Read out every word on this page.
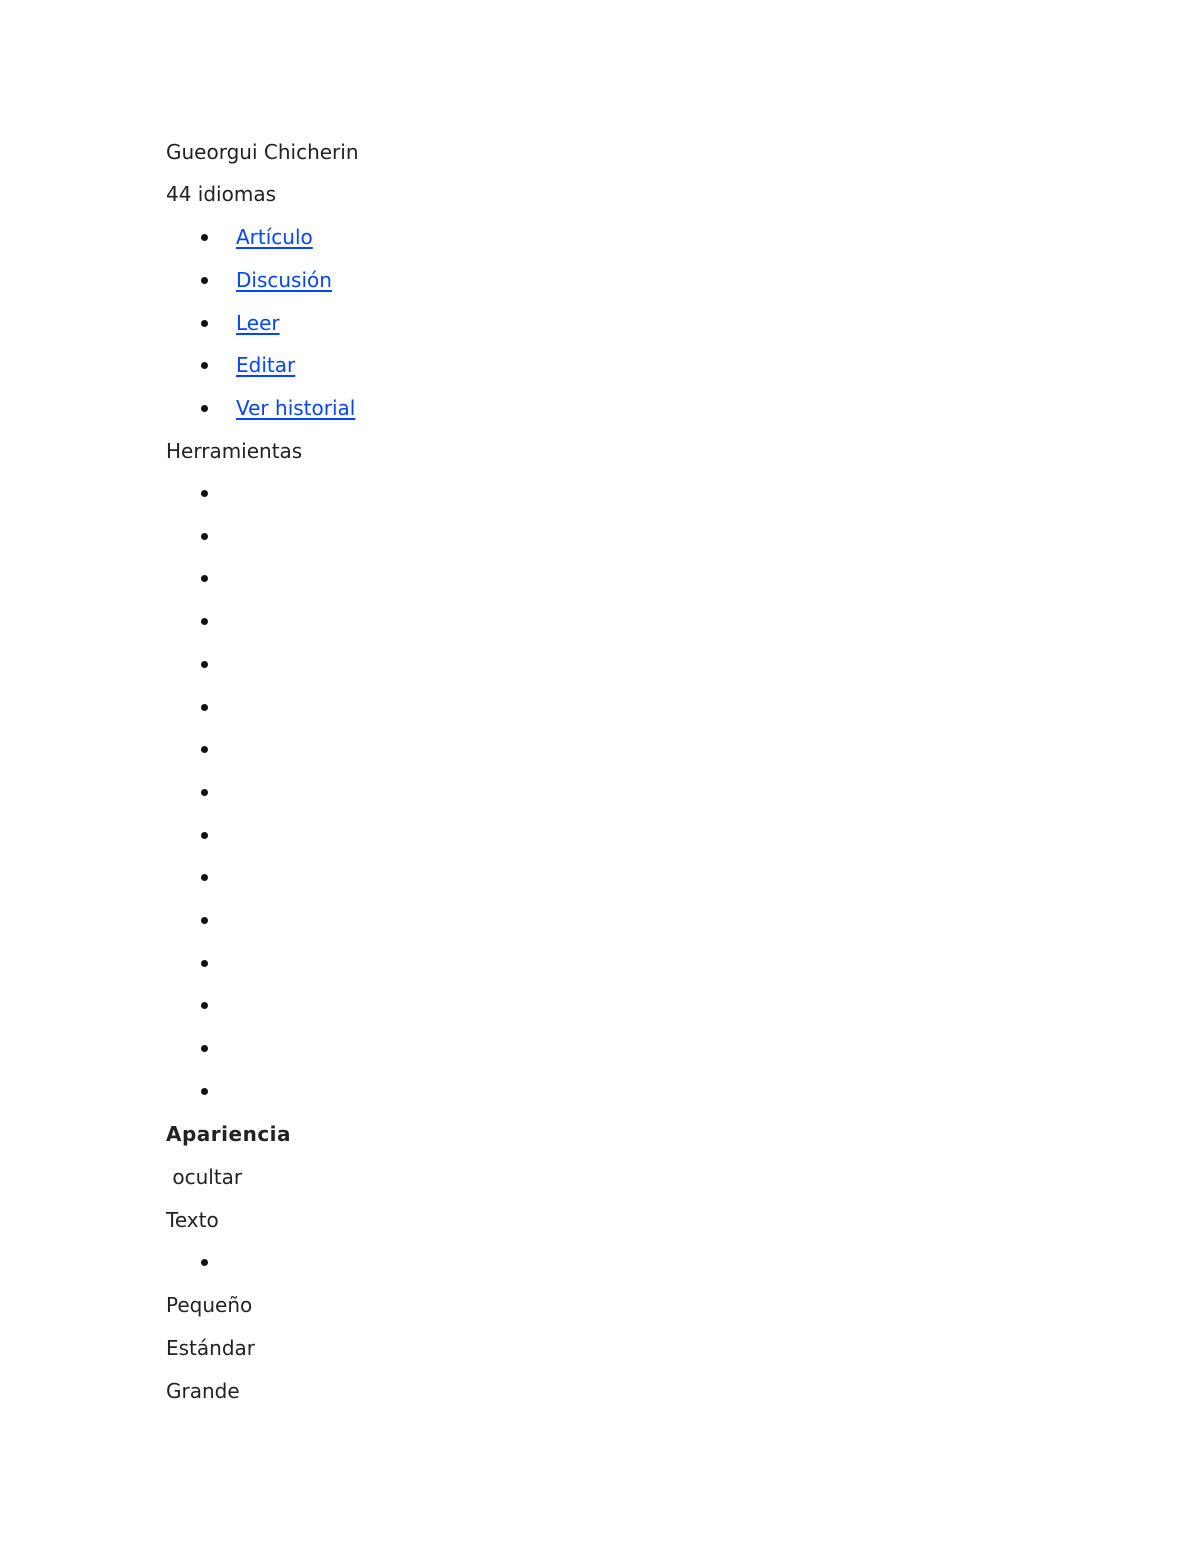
Gueorgui Chicherin
44 idiomas
Artículo
Discusión
Leer
Editar
Ver historial
Herramientas
Apariencia
ocultar
Texto
Pequeño
Estándar
Grande
